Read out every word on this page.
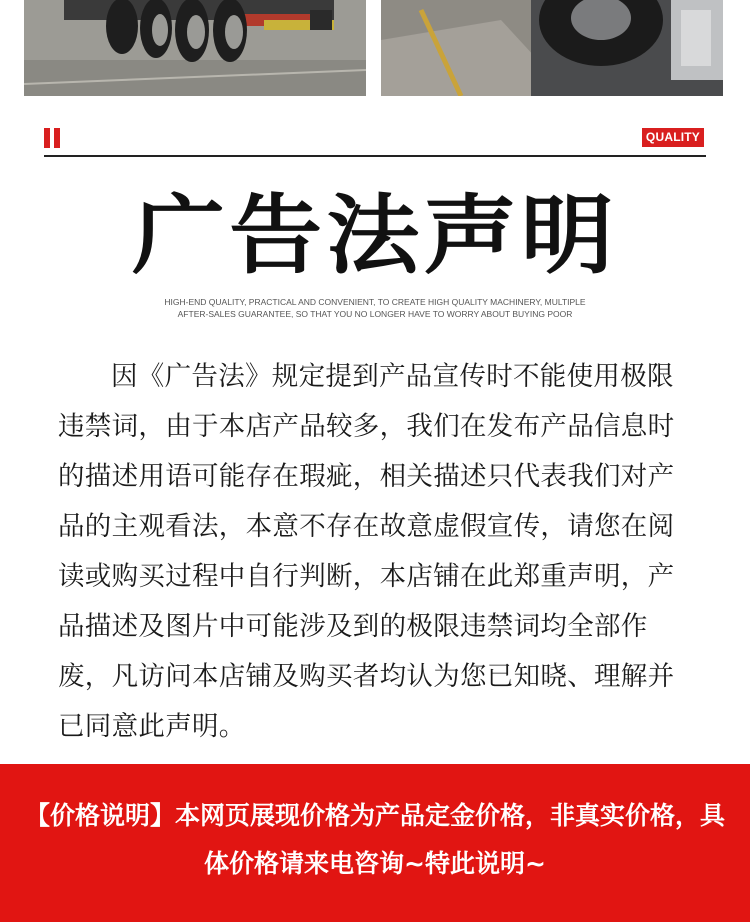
QUALITY
广告法声明
HIGH-END QUALITY, PRACTICAL AND CONVENIENT, TO CREATE HIGH QUALITY MACHINERY, MULTIPLE AFTER-SALES GUARANTEE, SO THAT YOU NO LONGER HAVE TO WORRY ABOUT BUYING POOR
因《广告法》规定提到产品宣传时不能使用极限违禁词，由于本店产品较多，我们在发布产品信息时的描述用语可能存在瑕疵，相关描述只代表我们对产品的主观看法，本意不存在故意虚假宣传，请您在阅读或购买过程中自行判断，本店铺在此郑重声明，产品描述及图片中可能涉及到的极限违禁词均全部作废，凡访问本店铺及购买者均认为您已知晓、理解并已同意此声明。
【价格说明】本网页展现价格为产品定金价格，非真实价格，具体价格请来电咨询~特此说明~
